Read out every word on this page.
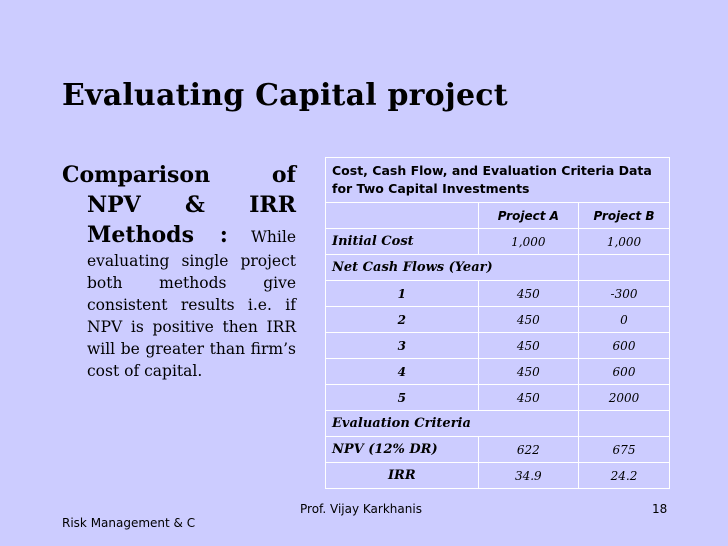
Evaluating Capital project

Comparison of NPV & IRR Methods : While evaluating single project both methods give consistent results i.e. if NPV is positive then IRR will be greater than firm’s cost of capital.

Cost, Cash Flow, and Evaluation Criteria Data for Two Capital Investments		
	Project A	Project B
Initial Cost	1,000	1,000
Net Cash Flows (Year)		
1	450	-300
2	450	0
3	450	600
4	450	600
5	450	2000
Evaluation Criteria		
NPV (12% DR)	622	675
IRR	34.9	24.2
Prof. Vijay Karkhanis
Risk Management & C
18
